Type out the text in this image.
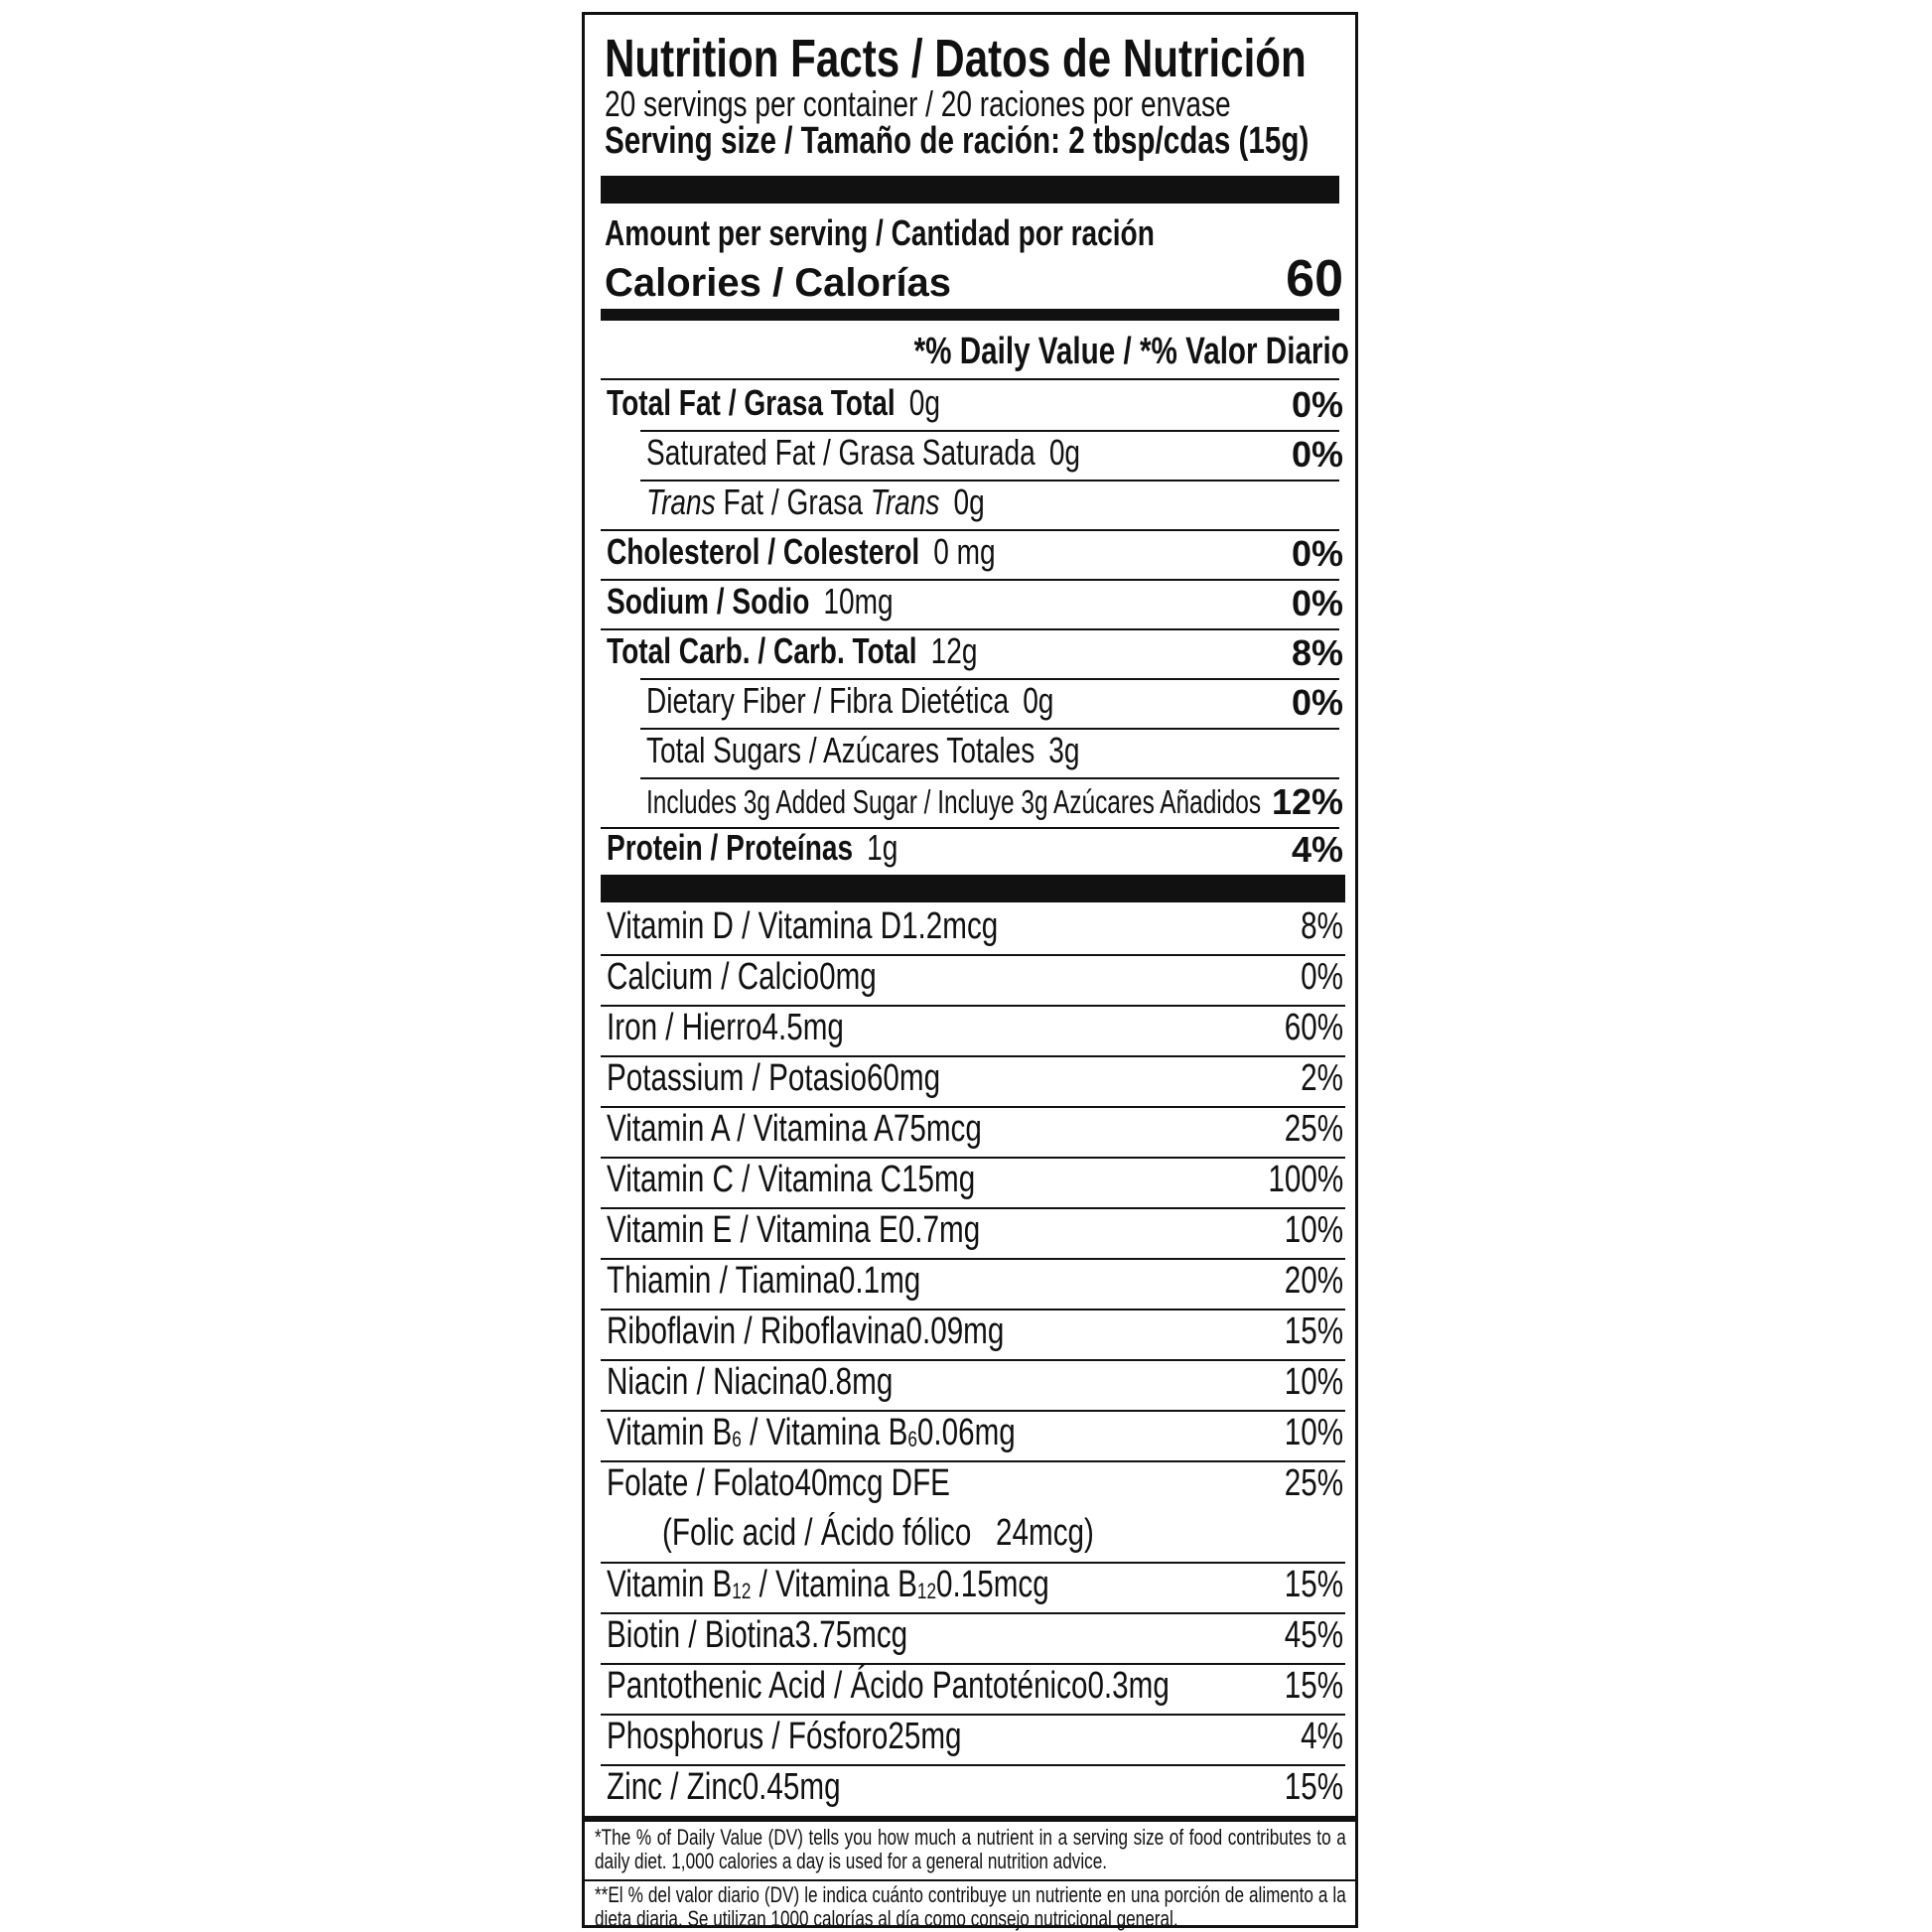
Nutrition Facts / Datos de Nutrición
20 servings per container / 20 raciones por envase
Serving size / Tamaño de ración: 2 tbsp/cdas (15g)
Amount per serving / Cantidad por ración
Calories / Calorías	60
*% Daily Value / *% Valor Diario
Total Fat / Grasa Total 0g	0%
Saturated Fat / Grasa Saturada 0g	0%
Trans Fat / Grasa Trans 0g
Cholesterol / Colesterol 0 mg	0%
Sodium / Sodio 10mg	0%
Total Carb. / Carb. Total 12g	8%
Dietary Fiber / Fibra Dietética 0g	0%
Total Sugars / Azúcares Totales 3g
Includes 3g Added Sugar / Incluye 3g Azúcares Añadidos 12%
Protein / Proteínas 1g	4%
Vitamin D / Vitamina D1.2mcg	8%
Calcium / Calcio0mg	0%
Iron / Hierro4.5mg	60%
Potassium / Potasio60mg	2%
Vitamin A / Vitamina A75mcg	25%
Vitamin C / Vitamina C15mg	100%
Vitamin E / Vitamina E0.7mg	10%
Thiamin / Tiamina0.1mg	20%
Riboflavin / Riboflavina0.09mg	15%
Niacin / Niacina0.8mg	10%
Vitamin B6 / Vitamina B60.06mg	10%
Folate / Folato40mcg DFE	25%
(Folic acid / Ácido fólico   24mcg)
Vitamin B12 / Vitamina B120.15mcg	15%
Biotin / Biotina3.75mcg	45%
Pantothenic Acid / Ácido Pantoténico0.3mg	15%
Phosphorus / Fósforo25mg	4%
Zinc / Zinc0.45mg	15%
*The % of Daily Value (DV) tells you how much a nutrient in a serving size of food contributes to a daily diet. 1,000 calories a day is used for a general nutrition advice.
**El % del valor diario (DV) le indica cuánto contribuye un nutriente en una porción de alimento a la dieta diaria. Se utilizan 1000 calorías al día como consejo nutricional general.
